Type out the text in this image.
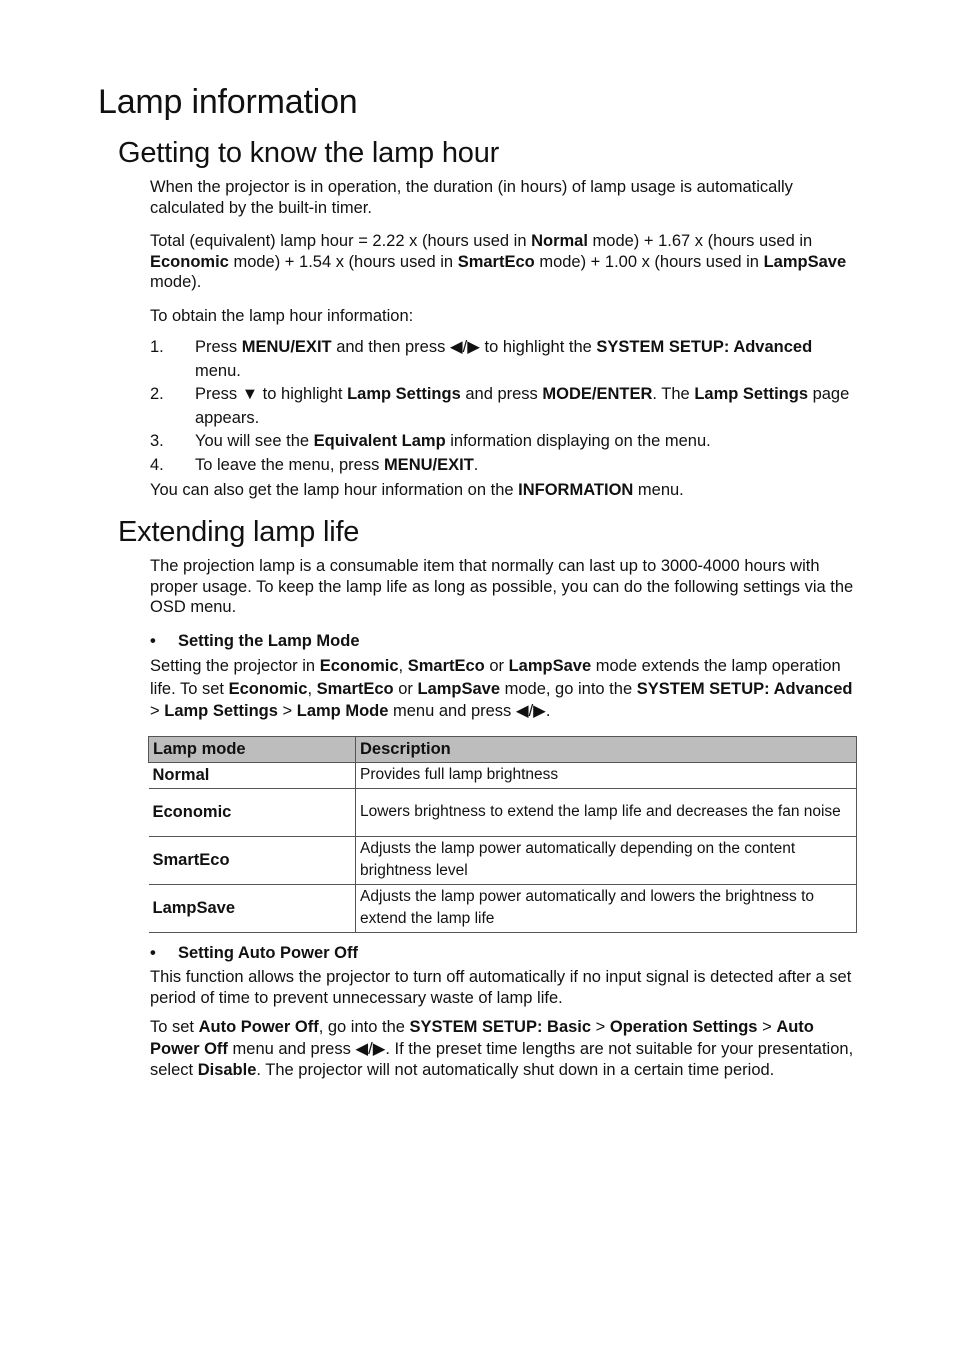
Lamp information
Getting to know the lamp hour

When the projector is in operation, the duration (in hours) of lamp usage is automatically calculated by the built-in timer.

Total (equivalent) lamp hour = 2.22 x (hours used in Normal mode) + 1.67 x (hours used in Economic mode) + 1.54 x (hours used in SmartEco mode) + 1.00 x (hours used in LampSave mode).

To obtain the lamp hour information:

1. Press MENU/EXIT and then press ◀/▶ to highlight the SYSTEM SETUP: Advanced menu.
2. Press ▼ to highlight Lamp Settings and press MODE/ENTER. The Lamp Settings page appears.
3. You will see the Equivalent Lamp information displaying on the menu.
4. To leave the menu, press MENU/EXIT.

You can also get the lamp hour information on the INFORMATION menu.

Extending lamp life

The projection lamp is a consumable item that normally can last up to 3000-4000 hours with proper usage. To keep the lamp life as long as possible, you can do the following settings via the OSD menu.

• Setting the Lamp Mode

Setting the projector in Economic, SmartEco or LampSave mode extends the lamp operation life. To set Economic, SmartEco or LampSave mode, go into the SYSTEM SETUP: Advanced > Lamp Settings > Lamp Mode menu and press ◀/▶.

Lamp mode	Description
Normal	Provides full lamp brightness
Economic	Lowers brightness to extend the lamp life and decreases the fan noise
SmartEco	Adjusts the lamp power automatically depending on the content brightness level
LampSave	Adjusts the lamp power automatically and lowers the brightness to extend the lamp life
• Setting Auto Power Off

This function allows the projector to turn off automatically if no input signal is detected after a set period of time to prevent unnecessary waste of lamp life.

To set Auto Power Off, go into the SYSTEM SETUP: Basic > Operation Settings > Auto Power Off menu and press ◀/▶. If the preset time lengths are not suitable for your presentation, select Disable. The projector will not automatically shut down in a certain time period.
